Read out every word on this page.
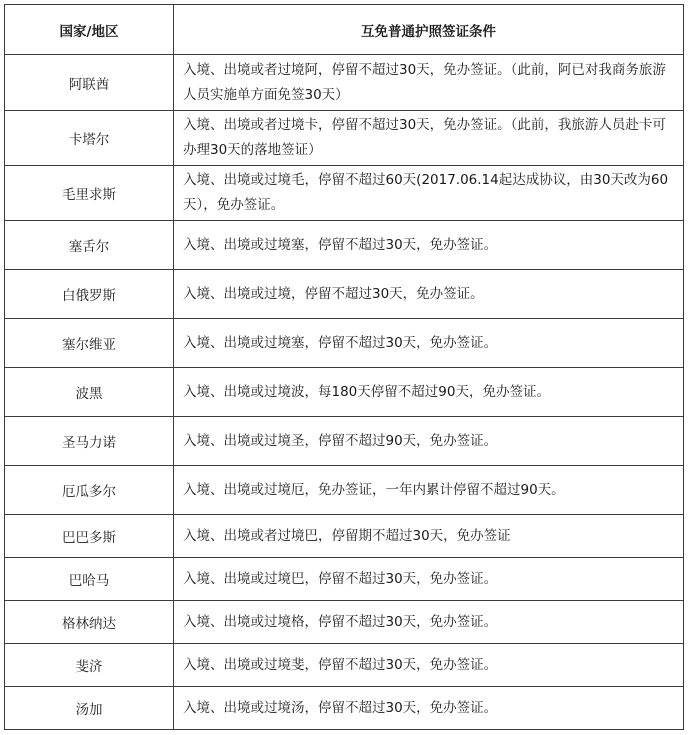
国家/地区	互免普通护照签证条件
阿联酋	入境、出境或者过境阿，停留不超过30天，免办签证。（此前，阿已对我商务旅游人员实施单方面免签30天）
卡塔尔	入境、出境或者过境卡，停留不超过30天，免办签证。（此前，我旅游人员赴卡可办理30天的落地签证）
毛里求斯	入境、出境或过境毛，停留不超过60天(2017.06.14起达成协议，由30天改为60天），免办签证。
塞舌尔	入境、出境或过境塞，停留不超过30天，免办签证。
白俄罗斯	入境、出境或过境，停留不超过30天，免办签证。
塞尔维亚	入境、出境或过境塞，停留不超过30天，免办签证。
波黑	入境、出境或过境波，每180天停留不超过90天，免办签证。
圣马力诺	入境、出境或过境圣，停留不超过90天，免办签证。
厄瓜多尔	入境、出境或过境厄，免办签证，一年内累计停留不超过90天。
巴巴多斯	入境、出境或者过境巴，停留期不超过30天，免办签证
巴哈马	入境、出境或过境巴，停留不超过30天，免办签证。
格林纳达	入境、出境或过境格，停留不超过30天，免办签证。
斐济	入境、出境或过境斐，停留不超过30天，免办签证。
汤加	入境、出境或过境汤，停留不超过30天，免办签证。
